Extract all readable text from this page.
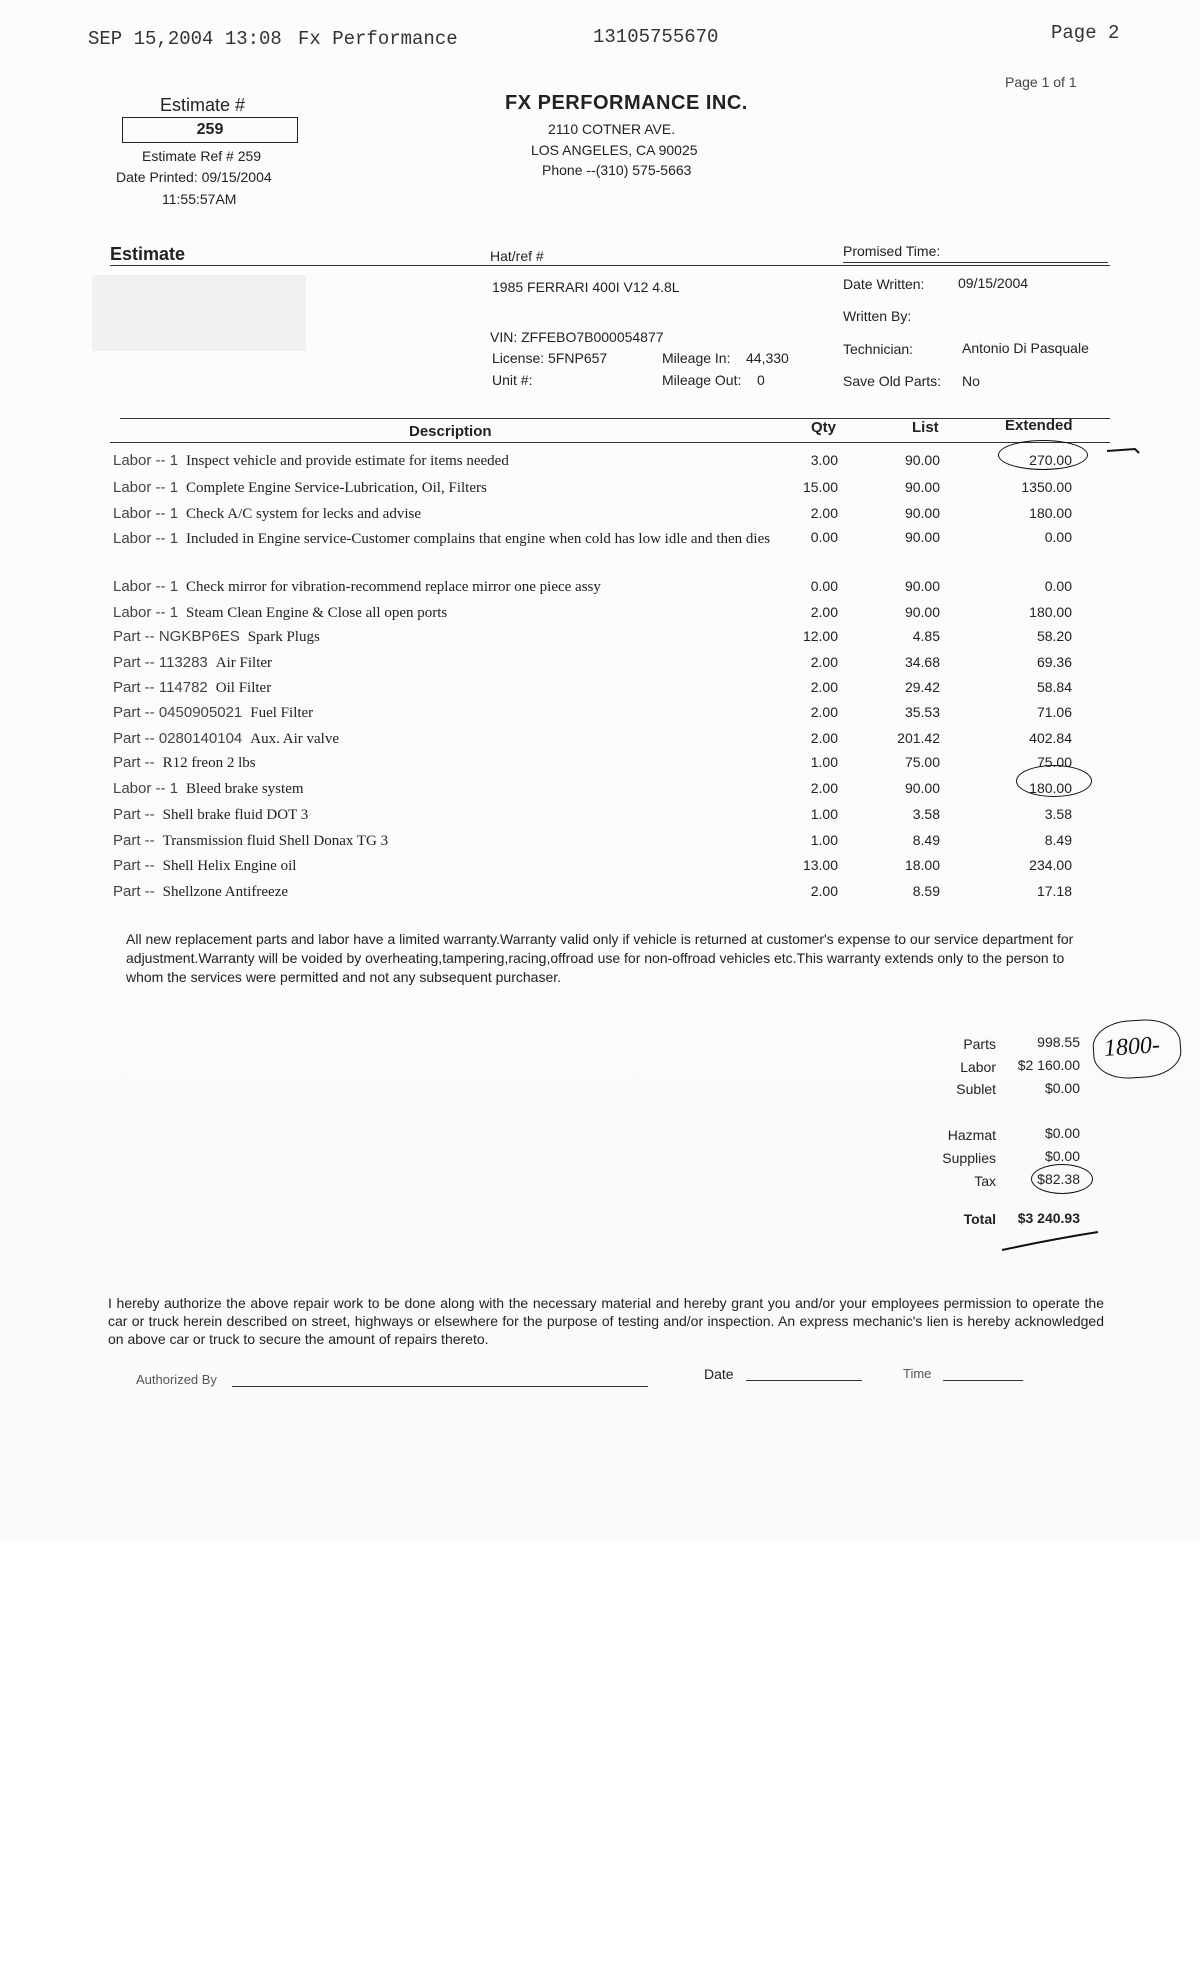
SEP 15,2004 13:08 Fx Performance	13105755670	Page 2
Page 1 of 1
Estimate #
259
Estimate Ref # 259
Date Printed: 09/15/2004
11:55:57AM
FX PERFORMANCE INC.
2110 COTNER AVE.
LOS ANGELES, CA 90025
Phone --(310) 575-5663
Estimate	Hat/ref #
1985 FERRARI 400I V12 4.8L
VIN: ZFFEBO7B000054877
License: 5FNP657
Unit #:
Mileage In: 44,330
Mileage Out: 0
Promised Time:
Date Written: 09/15/2004
Written By:
Technician:	Antonio Di Pasquale
Save Old Parts: No
Description	Qty	List	Extended
Labor -- 1 Inspect vehicle and provide estimate for items needed	3.00	90.00	270.00
Labor -- 1 Complete Engine Service-Lubrication, Oil, Filters	15.00	90.00	1350.00
Labor -- 1 Check A/C system for lecks and advise	2.00	90.00	180.00
Labor -- 1 Included in Engine service-Customer complains that engine when cold has low idle and then dies	0.00	90.00	0.00
Labor -- 1 Check mirror for vibration-recommend replace mirror one piece assy	0.00	90.00	0.00
Labor -- 1 Steam Clean Engine & Close all open ports	2.00	90.00	180.00
Part -- NGKBP6ES Spark Plugs	12.00	4.85	58.20
Part -- 113283 Air Filter	2.00	34.68	69.36
Part -- 114782 Oil Filter	2.00	29.42	58.84
Part -- 0450905021 Fuel Filter	2.00	35.53	71.06
Part -- 0280140104 Aux. Air valve	2.00	201.42	402.84
Part -- R12 freon 2 lbs	1.00	75.00	75.00
Labor -- 1 Bleed brake system	2.00	90.00	180.00
Part -- Shell brake fluid DOT 3	1.00	3.58	3.58
Part -- Transmission fluid Shell Donax TG 3	1.00	8.49	8.49
Part -- Shell Helix Engine oil	13.00	18.00	234.00
Part -- Shellzone Antifreeze	2.00	8.59	17.18
All new replacement parts and labor have a limited warranty.Warranty valid only if vehicle is returned at customer's expense to our service department for adjustment.Warranty will be voided by overheating,tampering,racing,offroad use for non-offroad vehicles etc.This warranty extends only to the person to whom the services were permitted and not any subsequent purchaser.
Parts	998.55
Labor	$2 160.00
Sublet	$0.00
Hazmat	$0.00
Supplies	$0.00
Tax	$82.38
Total	$3 240.93
1800-
I hereby authorize the above repair work to be done along with the necessary material and hereby grant you and/or your employees permission to operate the car or truck herein described on street, highways or elsewhere for the purpose of testing and/or inspection. An express mechanic's lien is hereby acknowledged on above car or truck to secure the amount of repairs thereto.
Authorized By	Date	Time
